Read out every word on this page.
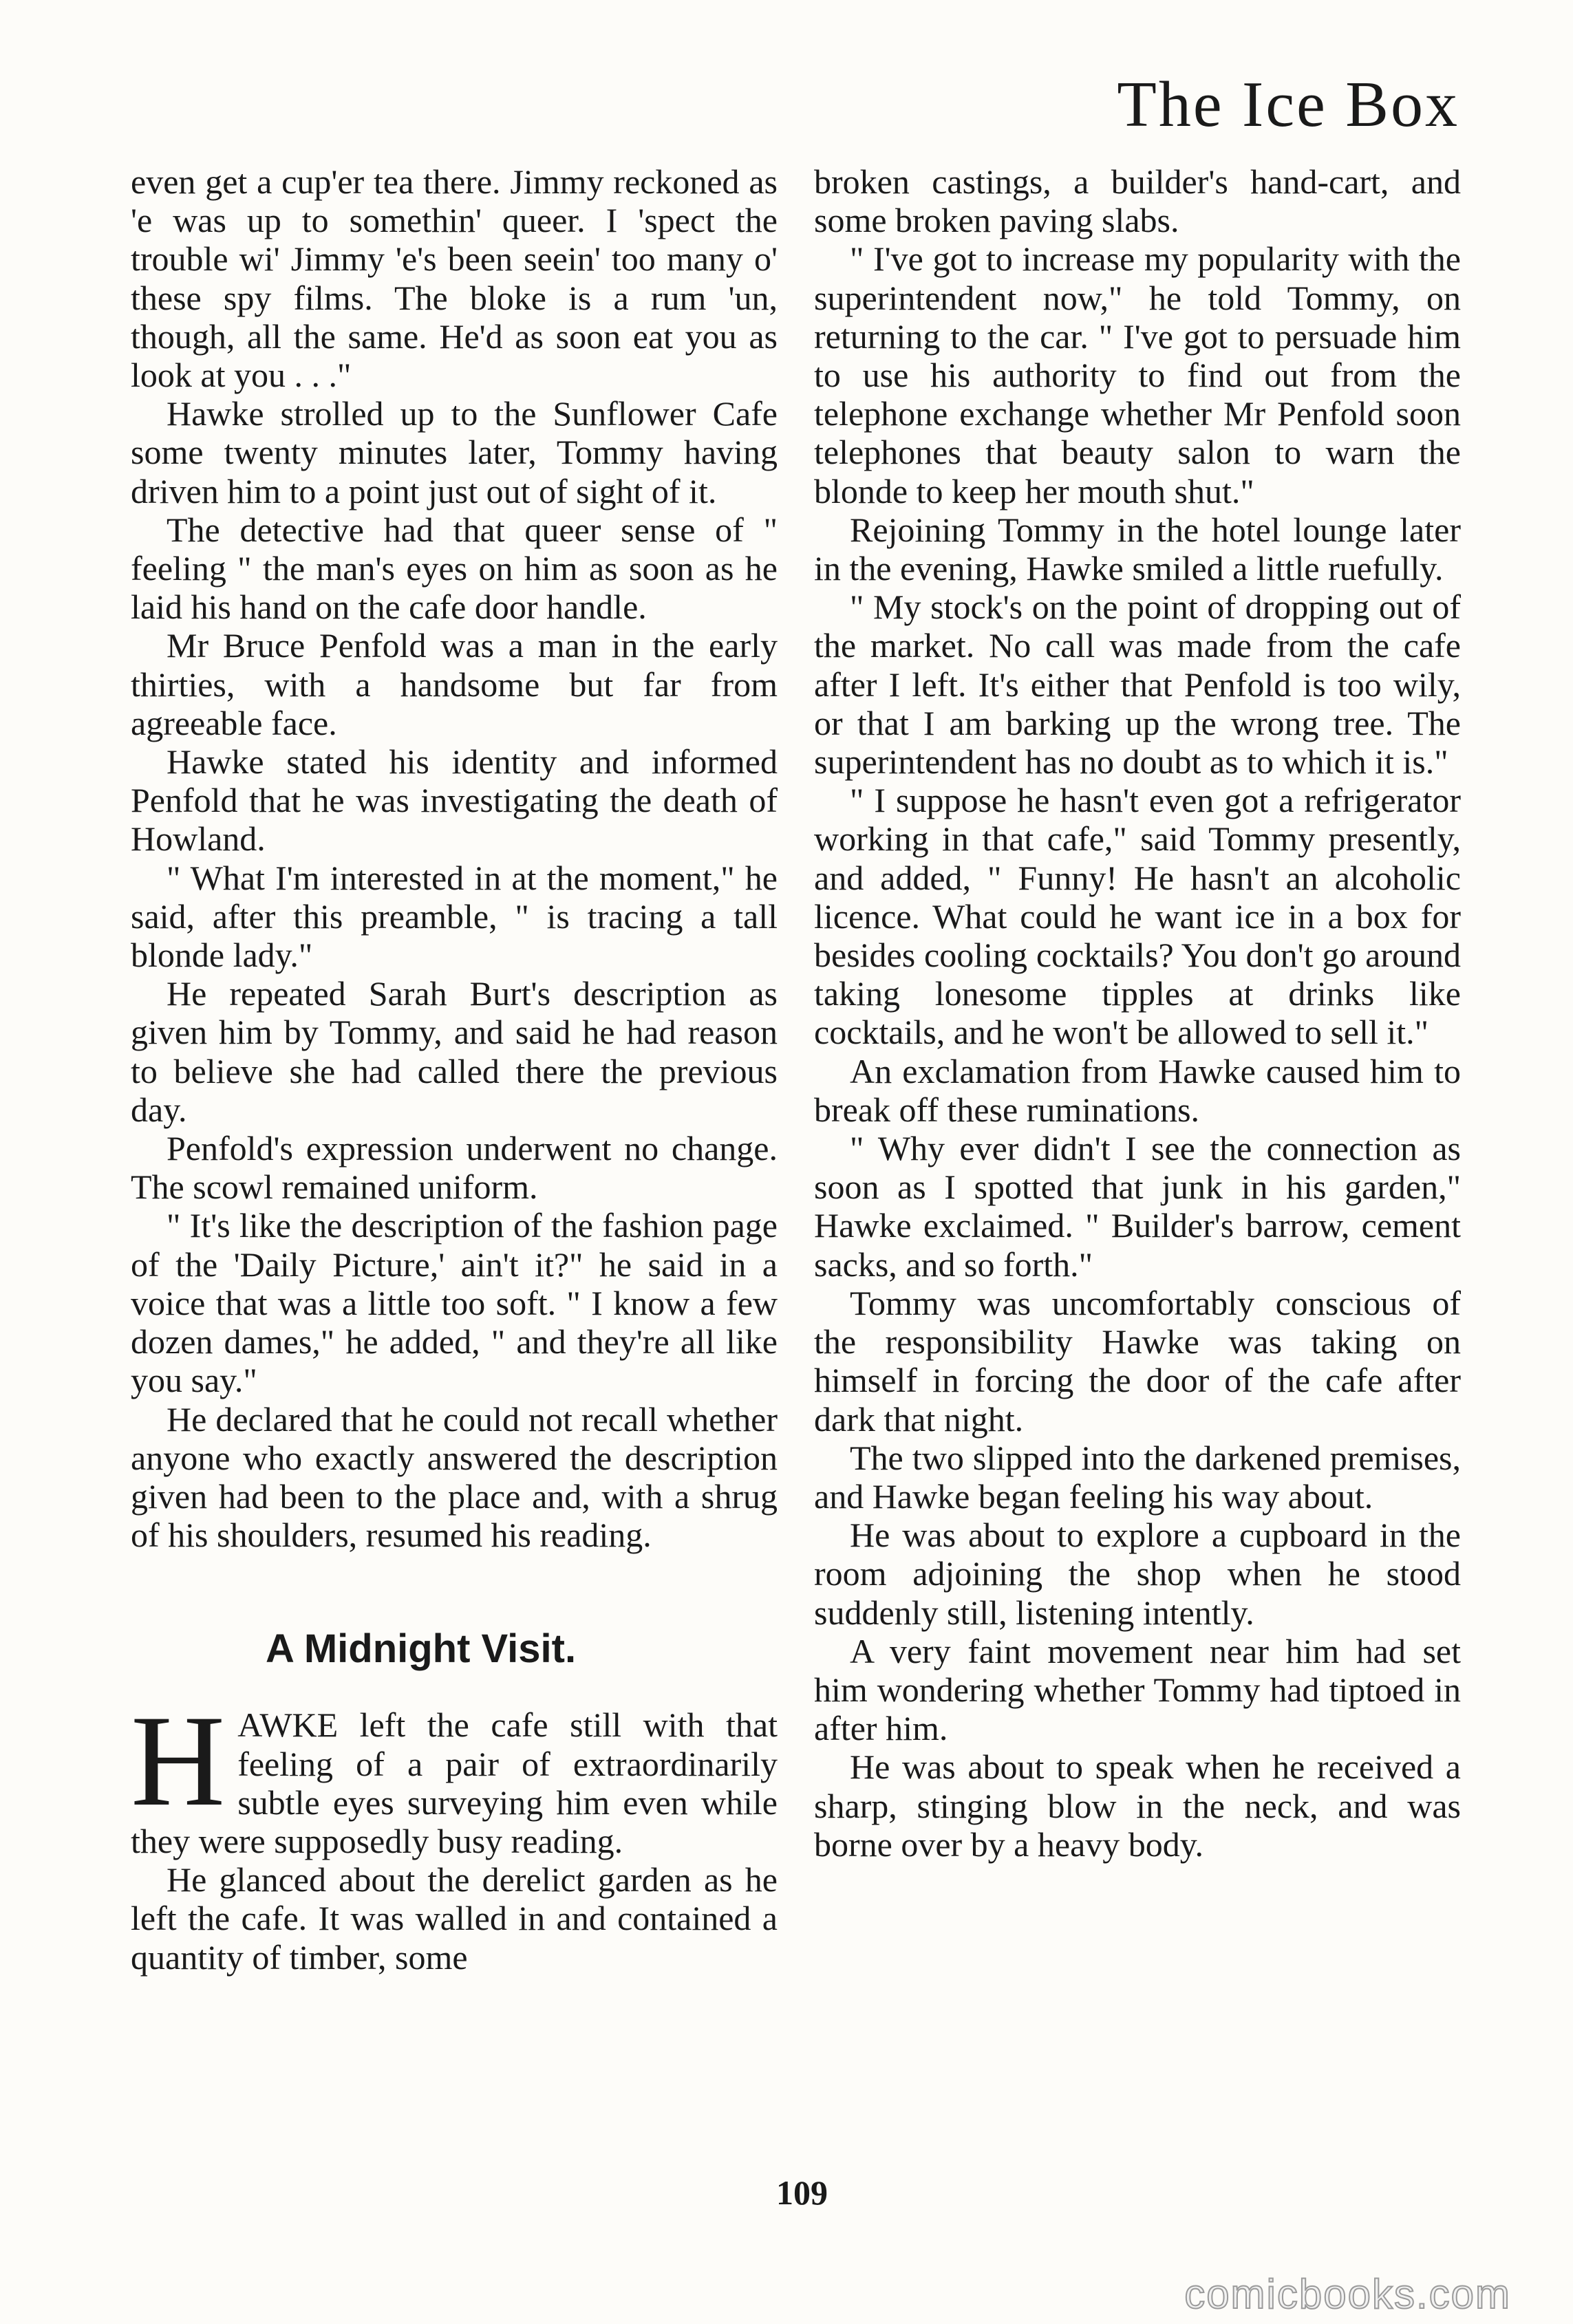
The Ice Box

even get a cup'er tea there. Jimmy reckoned as 'e was up to somethin' queer. I 'spect the trouble wi' Jimmy 'e's been seein' too many o' these spy films. The bloke is a rum 'un, though, all the same. He'd as soon eat you as look at you . . ."

Hawke strolled up to the Sunflower Cafe some twenty minutes later, Tommy having driven him to a point just out of sight of it.

The detective had that queer sense of " feeling " the man's eyes on him as soon as he laid his hand on the cafe door handle.

Mr Bruce Penfold was a man in the early thirties, with a handsome but far from agreeable face.

Hawke stated his identity and informed Penfold that he was investigating the death of Howland.

" What I'm interested in at the moment," he said, after this preamble, " is tracing a tall blonde lady."

He repeated Sarah Burt's description as given him by Tommy, and said he had reason to believe she had called there the previous day.

Penfold's expression underwent no change. The scowl remained uniform.

" It's like the description of the fashion page of the 'Daily Picture,' ain't it?" he said in a voice that was a little too soft. " I know a few dozen dames," he added, " and they're all like you say."

He declared that he could not recall whether anyone who exactly answered the description given had been to the place and, with a shrug of his shoulders, resumed his reading.

A Midnight Visit.

HAWKE left the cafe still with that feeling of a pair of extraordinarily subtle eyes surveying him even while they were supposedly busy reading.

He glanced about the derelict garden as he left the cafe. It was walled in and contained a quantity of timber, some

broken castings, a builder's hand-cart, and some broken paving slabs.

" I've got to increase my popularity with the superintendent now," he told Tommy, on returning to the car. " I've got to persuade him to use his authority to find out from the telephone exchange whether Mr Penfold soon telephones that beauty salon to warn the blonde to keep her mouth shut."

Rejoining Tommy in the hotel lounge later in the evening, Hawke smiled a little ruefully.

" My stock's on the point of dropping out of the market. No call was made from the cafe after I left. It's either that Penfold is too wily, or that I am barking up the wrong tree. The superintendent has no doubt as to which it is."

" I suppose he hasn't even got a refrigerator working in that cafe," said Tommy presently, and added, " Funny! He hasn't an alcoholic licence. What could he want ice in a box for besides cooling cocktails? You don't go around taking lonesome tipples at drinks like cocktails, and he won't be allowed to sell it."

An exclamation from Hawke caused him to break off these ruminations.

" Why ever didn't I see the connection as soon as I spotted that junk in his garden," Hawke exclaimed. " Builder's barrow, cement sacks, and so forth."

Tommy was uncomfortably conscious of the responsibility Hawke was taking on himself in forcing the door of the cafe after dark that night.

The two slipped into the darkened premises, and Hawke began feeling his way about.

He was about to explore a cupboard in the room adjoining the shop when he stood suddenly still, listening intently.

A very faint movement near him had set him wondering whether Tommy had tiptoed in after him.

He was about to speak when he received a sharp, stinging blow in the neck, and was borne over by a heavy body.

109
comicbooks.com
